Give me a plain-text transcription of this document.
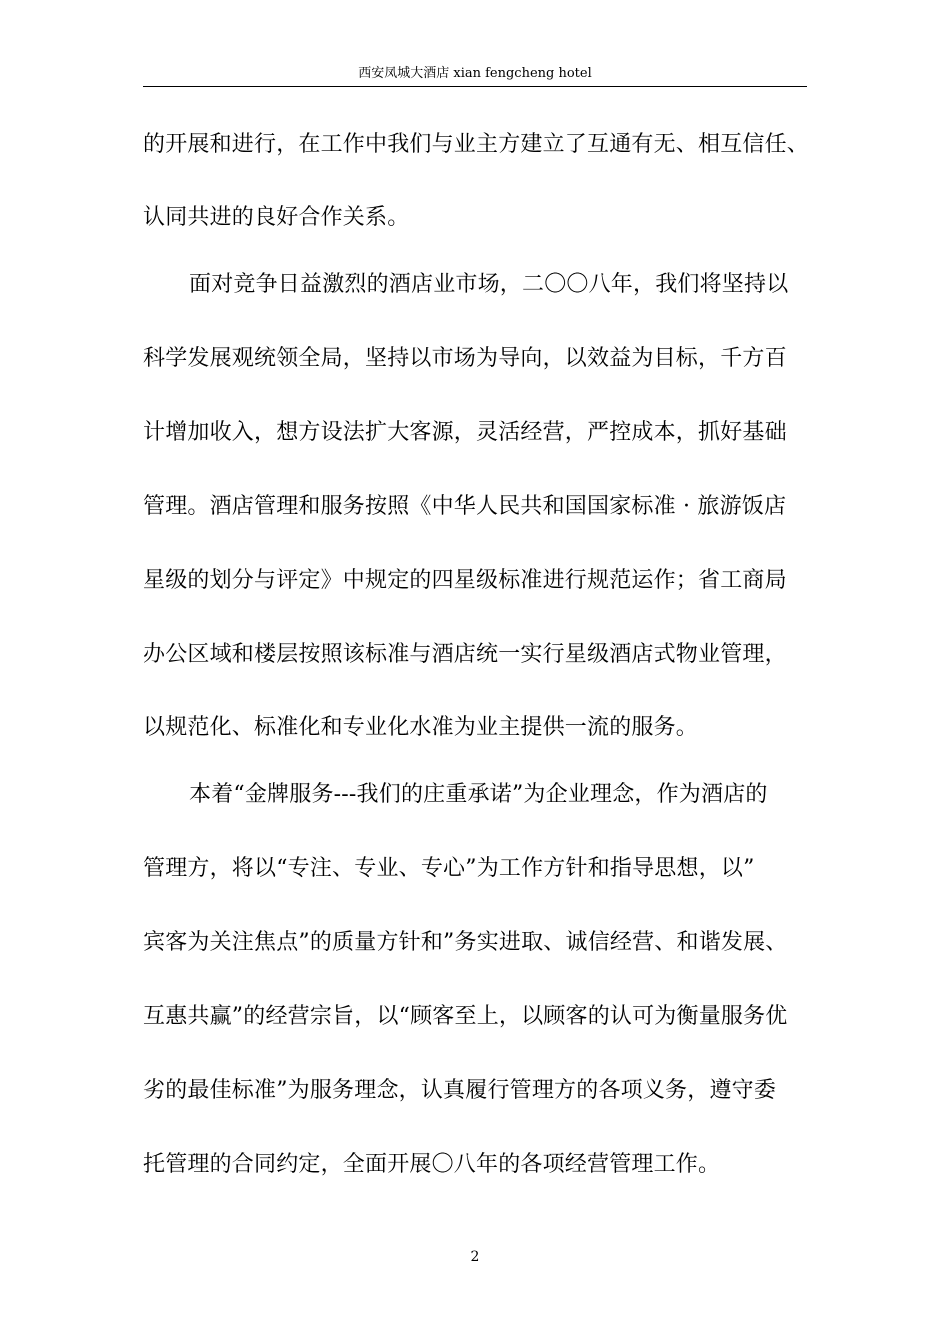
西安凤城大酒店 xian fengcheng hotel
的开展和进行，在工作中我们与业主方建立了互通有无、相互信任、
认同共进的良好合作关系。
面对竞争日益激烈的酒店业市场，二〇〇八年，我们将坚持以
科学发展观统领全局，坚持以市场为导向，以效益为目标，千方百
计增加收入，想方设法扩大客源，灵活经营，严控成本，抓好基础
管理。酒店管理和服务按照《中华人民共和国国家标准 · 旅游饭店
星级的划分与评定》中规定的四星级标准进行规范运作；省工商局
办公区域和楼层按照该标准与酒店统一实行星级酒店式物业管理，
以规范化、标准化和专业化水准为业主提供一流的服务。
本着“金牌服务---我们的庄重承诺”为企业理念，作为酒店的
管理方，将以“专注、专业、专心”为工作方针和指导思想，以”
宾客为关注焦点”的质量方针和”务实进取、诚信经营、和谐发展、
互惠共赢”的经营宗旨，以“顾客至上，以顾客的认可为衡量服务优
劣的最佳标准”为服务理念，认真履行管理方的各项义务，遵守委
托管理的合同约定，全面开展〇八年的各项经营管理工作。
2
